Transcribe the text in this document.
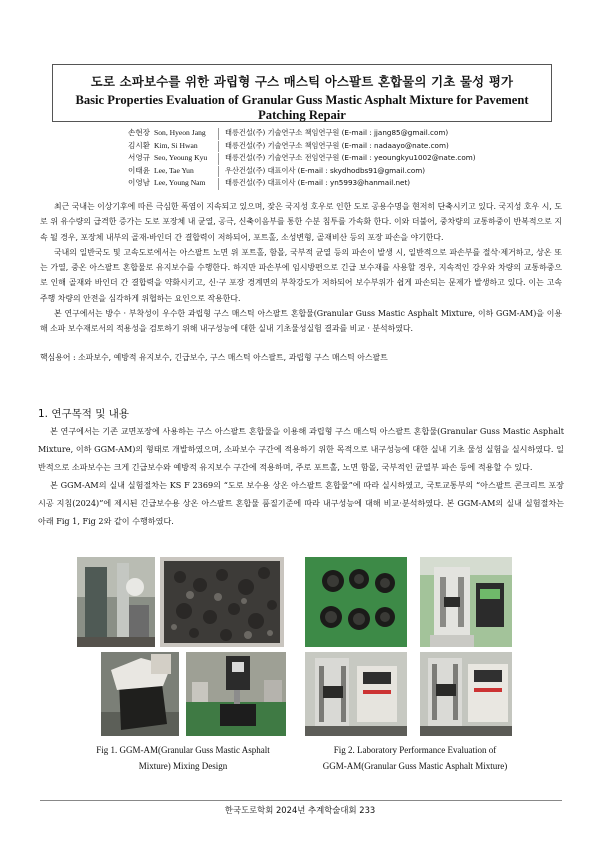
도로 소파보수를 위한 과립형 구스 매스틱 아스팔트 혼합물의 기초 물성 평가
Basic Properties Evaluation of Granular Guss Mastic Asphalt Mixture for Pavement Patching Repair
손현장 Son, Hyeon Jang	태릉건설(주) 기술연구소 책임연구원 (E-mail : jjang85@gmail.com)
김시환 Kim, Si Hwan	태릉건설(주) 기술연구소 책임연구원 (E-mail : nadaayo@nate.com)
서영규 Seo, Yeoung Kyu	태릉건설(주) 기술연구소 전임연구원 (E-mail : yeoungkyu1002@nate.com)
이태윤 Lee, Tae Yun	우산건설(주) 대표이사 (E-mail : skydhodbs91@gmail.com)
이영남 Lee, Young Nam	태릉건설(주) 대표이사 (E-mail : yn5993@hanmail.net)

최근 국내는 이상기후에 따른 극심한 폭염이 지속되고 있으며, 잦은 국지성 호우로 인한 도로 공용수명을 현저히 단축시키고 있다. 국지성 호우 시, 도로 위 유수량의 급격한 증가는 도로 포장체 내 균열, 공극, 신축이음부를 통한 수분 침투를 가속화 한다. 이와 더불어, 중차량의 교통하중이 반복적으로 지속 될 경우, 포장체 내부의 골재-바인더 간 결합력이 저하되어, 포트홀, 소성변형, 골재비산 등의 포장 파손을 야기한다.

국내의 일반국도 및 고속도로에서는 아스팔트 노면 위 포트홀, 함몰, 국부적 균열 등의 파손이 발생 시, 일반적으로 파손부를 절삭·제거하고, 상온 또는 가열, 중온 아스팔트 혼합물로 유지보수를 수행한다. 하지만 파손부에 임시방편으로 긴급 보수재를 사용할 경우, 지속적인 강우와 차량의 교통하중으로 인해 골재와 바인더 간 결합력을 약화시키고, 신·구 포장 경계면의 부착강도가 저하되어 보수부위가 쉽게 파손되는 문제가 발생하고 있다. 이는 고속 주행 차량의 안전을 심각하게 위협하는 요인으로 작용한다.

본 연구에서는 방수 · 부착성이 우수한 과립형 구스 매스틱 아스팔트 혼합물(Granular Guss Mastic Asphalt Mixture, 이하 GGM-AM)을 이용해 소파 보수재로서의 적용성을 검토하기 위해 내구성능에 대한 실내 기초물성실험 결과를 비교 · 분석하였다.

핵심용어 : 소파보수, 예방적 유지보수, 긴급보수, 구스 매스틱 아스팔트, 과립형 구스 매스틱 아스팔트
1. 연구목적 및 내용

본 연구에서는 기존 교면포장에 사용하는 구스 아스팔트 혼합물을 이용해 과립형 구스 매스틱 아스팔트 혼합물(Granular Guss Mastic Asphalt Mixture, 이하 GGM-AM)의 형태로 개발하였으며, 소파보수 구간에 적용하기 위한 목적으로 내구성능에 대한 실내 기초 물성 실험을 실시하였다. 일반적으로 소파보수는 크게 긴급보수와 예방적 유지보수 구간에 적용하며, 주로 포트홀, 노면 함몰, 국부적인 균열부 파손 등에 적용할 수 있다.

본 GGM-AM의 실내 실험절차는 KS F 2369의 “도로 보수용 상온 아스팔트 혼합물”에 따라 실시하였고, 국토교통부의 “아스팔트 콘크리트 포장 시공 지침(2024)”에 제시된 긴급보수용 상온 아스팔트 혼합물 품질기준에 따라 내구성능에 대해 비교·분석하였다. 본 GGM-AM의 실내 실험절차는 아래 Fig 1, Fig 2와 같이 수행하였다.

Fig 1. GGM-AM(Granular Guss Mastic Asphalt
Mixture) Mixing Design
Fig 2. Laboratory Performance Evaluation of
GGM-AM(Granular Guss Mastic Asphalt Mixture)
한국도로학회 2024년 추계학술대회 233
